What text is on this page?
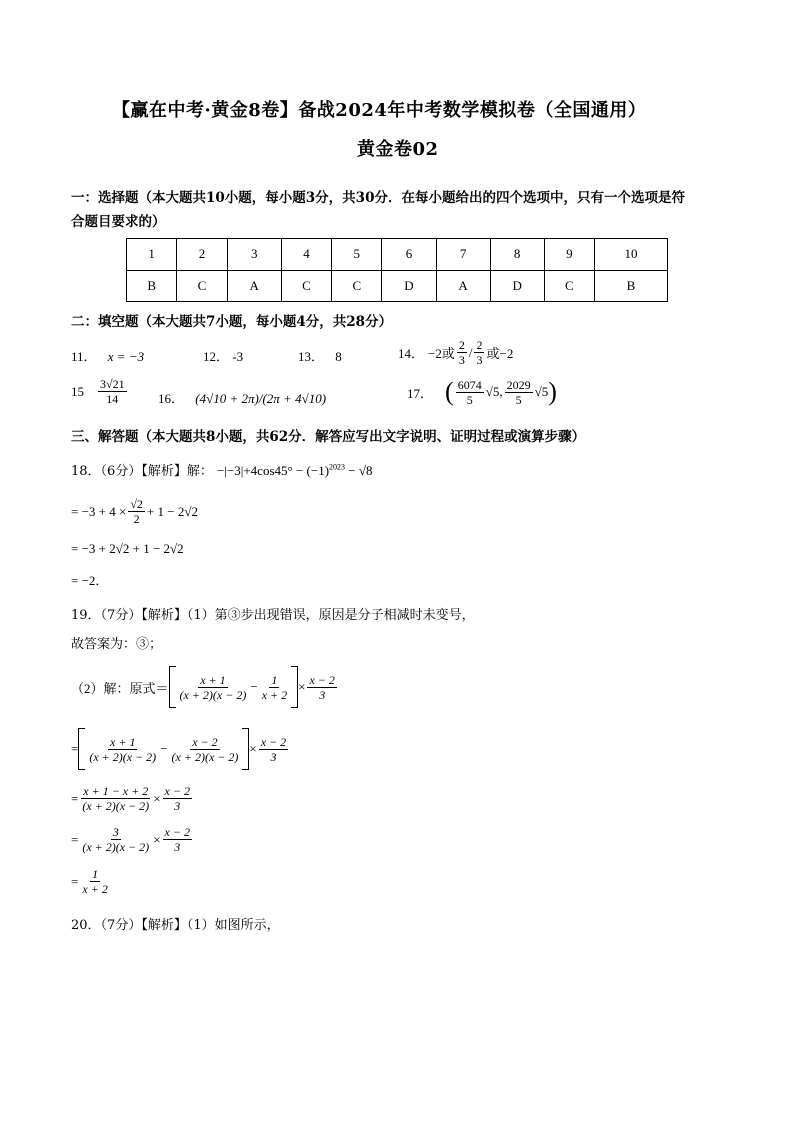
【赢在中考·黄金8卷】备战2024年中考数学模拟卷（全国通用）
黄金卷02
一：选择题（本大题共10小题，每小题3分，共30分．在每小题给出的四个选项中，只有一个选项是符
合题目要求的）
1	2	3	4	5	6	7	8	9	10
B	C	A	C	C	D	A	D	C	B
二：填空题（本大题共7小题，每小题4分，共28分）
11． x = −3	12． -3	13． 8	14． −2或 $\frac{2}{3} / \frac{2}{3}$ 或−2
$15 \frac{3√21}{14} 16$． (4√10 + 2π)/(2π + 4√10)	17． ( $\frac{6074}{5} √5$, $\frac{2029}{5} √5$ )
三、解答题（本大题共8小题，共62分．解答应写出文字说明、证明过程或演算步骤）
18．（6分）【解析】解： $-|-3|+4\cos 45^\circ - (-1)^{2023} - √8$
= $-3 + 4 \times \frac{√2}{2} + 1 - 2√2$
= −3 + 2√2 + 1 − 2√2
= −2．
19．（7分）【解析】（1）第③步出现错误，原因是分子相减时未变号，
故答案为：③；
（2）解：原式＝ $\frac{x + 1}{(x + 2)(x - 2)} - \frac{1}{x + 2} \times \frac{x - 2}{3}$
= $\frac{x + 1}{(x + 2)(x - 2)} - \frac{x - 2}{(x + 2)(x - 2)} \times \frac{x - 2}{3}$
= $\frac{x + 1 - x + 2}{(x + 2)(x - 2)} \times \frac{x - 2}{3}$
= $\frac{3}{(x + 2)(x - 2)} \times \frac{x - 2}{3}$
= $\frac{1}{x + 2}$
20．（7分）【解析】（1）如图所示，
